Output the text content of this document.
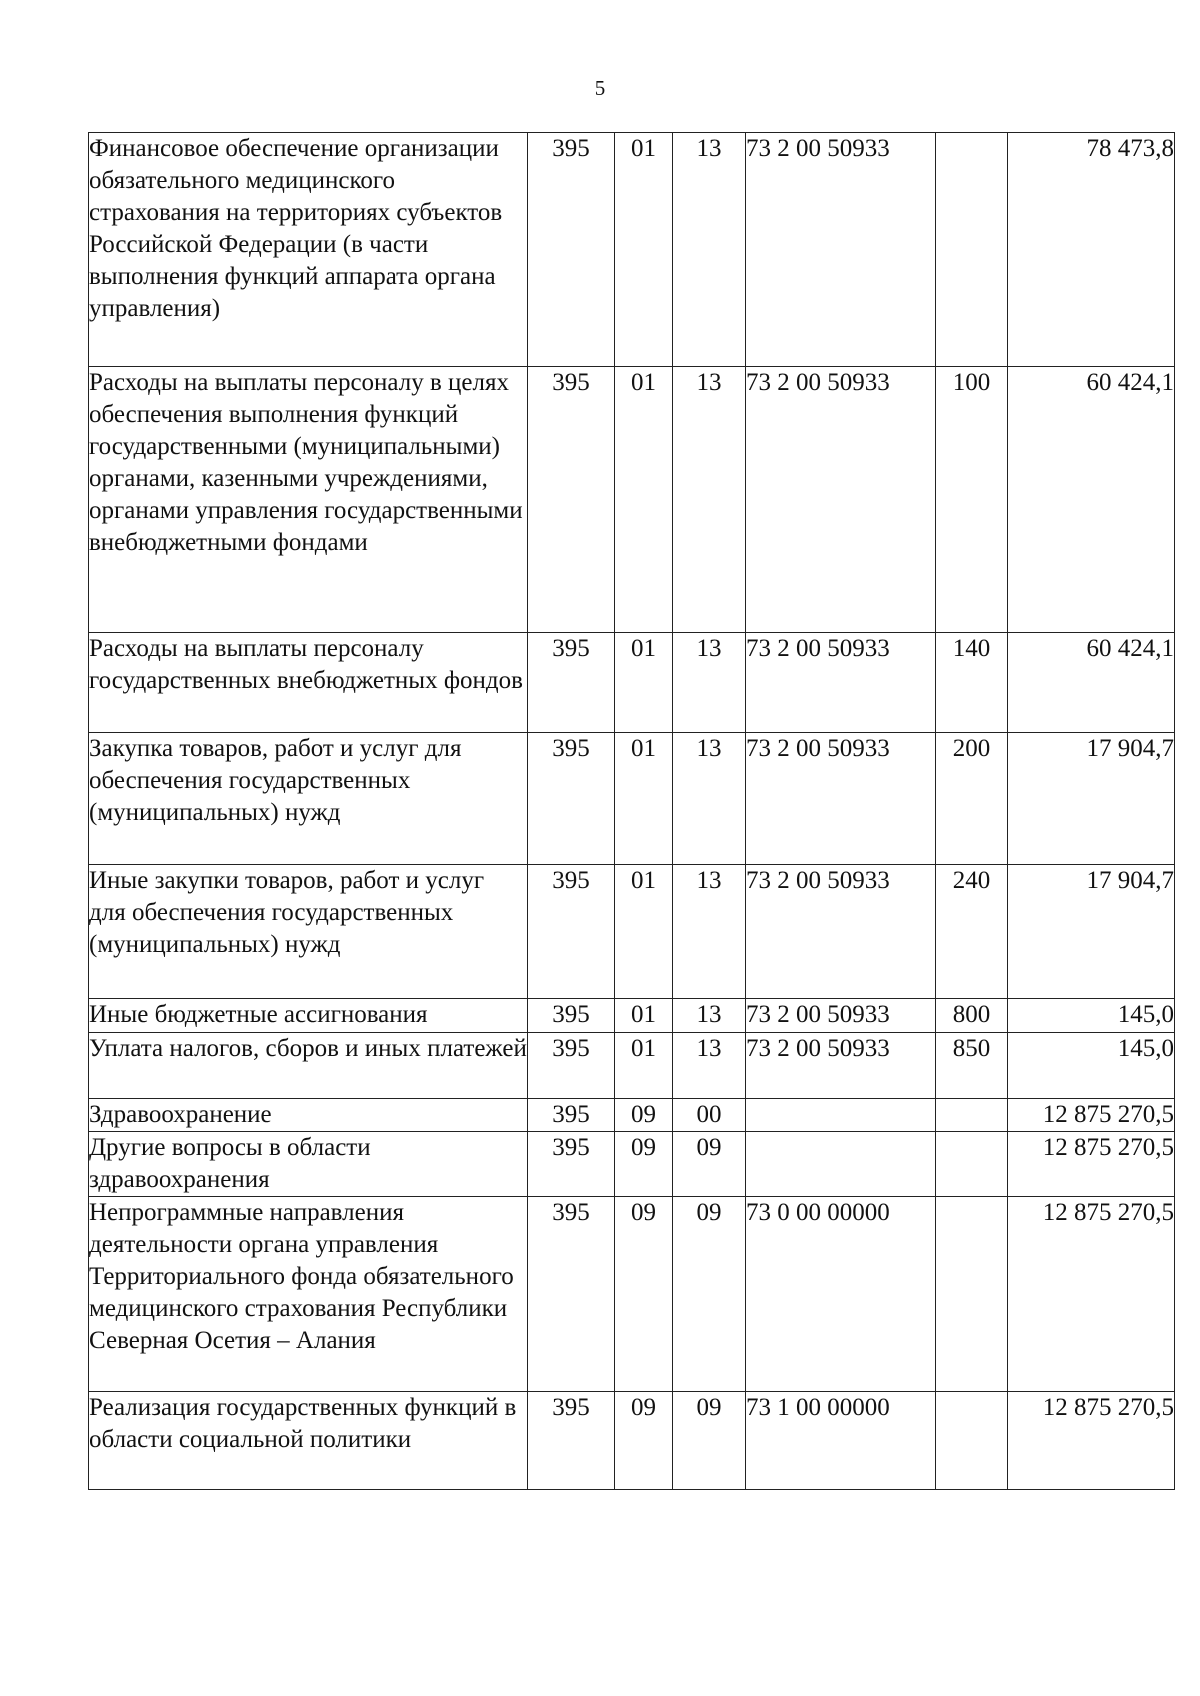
5
Финансовое обеспечение организации обязательного медицинского страхования на территориях субъектов Российской Федерации (в части выполнения функций аппарата органа управления)	395	01	13	73 2 00 50933		78 473,8
Расходы на выплаты персоналу в целях обеспечения выполнения функций государственными (муниципальными) органами, казенными учреждениями, органами управления государственными внебюджетными фондами	395	01	13	73 2 00 50933	100	60 424,1
Расходы на выплаты персоналу государственных внебюджетных фондов	395	01	13	73 2 00 50933	140	60 424,1
Закупка товаров, работ и услуг для обеспечения государственных (муниципальных) нужд	395	01	13	73 2 00 50933	200	17 904,7
Иные закупки товаров, работ и услуг для обеспечения государственных (муниципальных) нужд	395	01	13	73 2 00 50933	240	17 904,7
Иные бюджетные ассигнования	395	01	13	73 2 00 50933	800	145,0
Уплата налогов, сборов и иных платежей	395	01	13	73 2 00 50933	850	145,0
Здравоохранение	395	09	00			12 875 270,5
Другие вопросы в области здравоохранения	395	09	09			12 875 270,5
Непрограммные направления деятельности органа управления Территориального фонда обязательного медицинского страхования Республики Северная Осетия – Алания	395	09	09	73 0 00 00000		12 875 270,5
Реализация государственных функций в области социальной политики	395	09	09	73 1 00 00000		12 875 270,5
